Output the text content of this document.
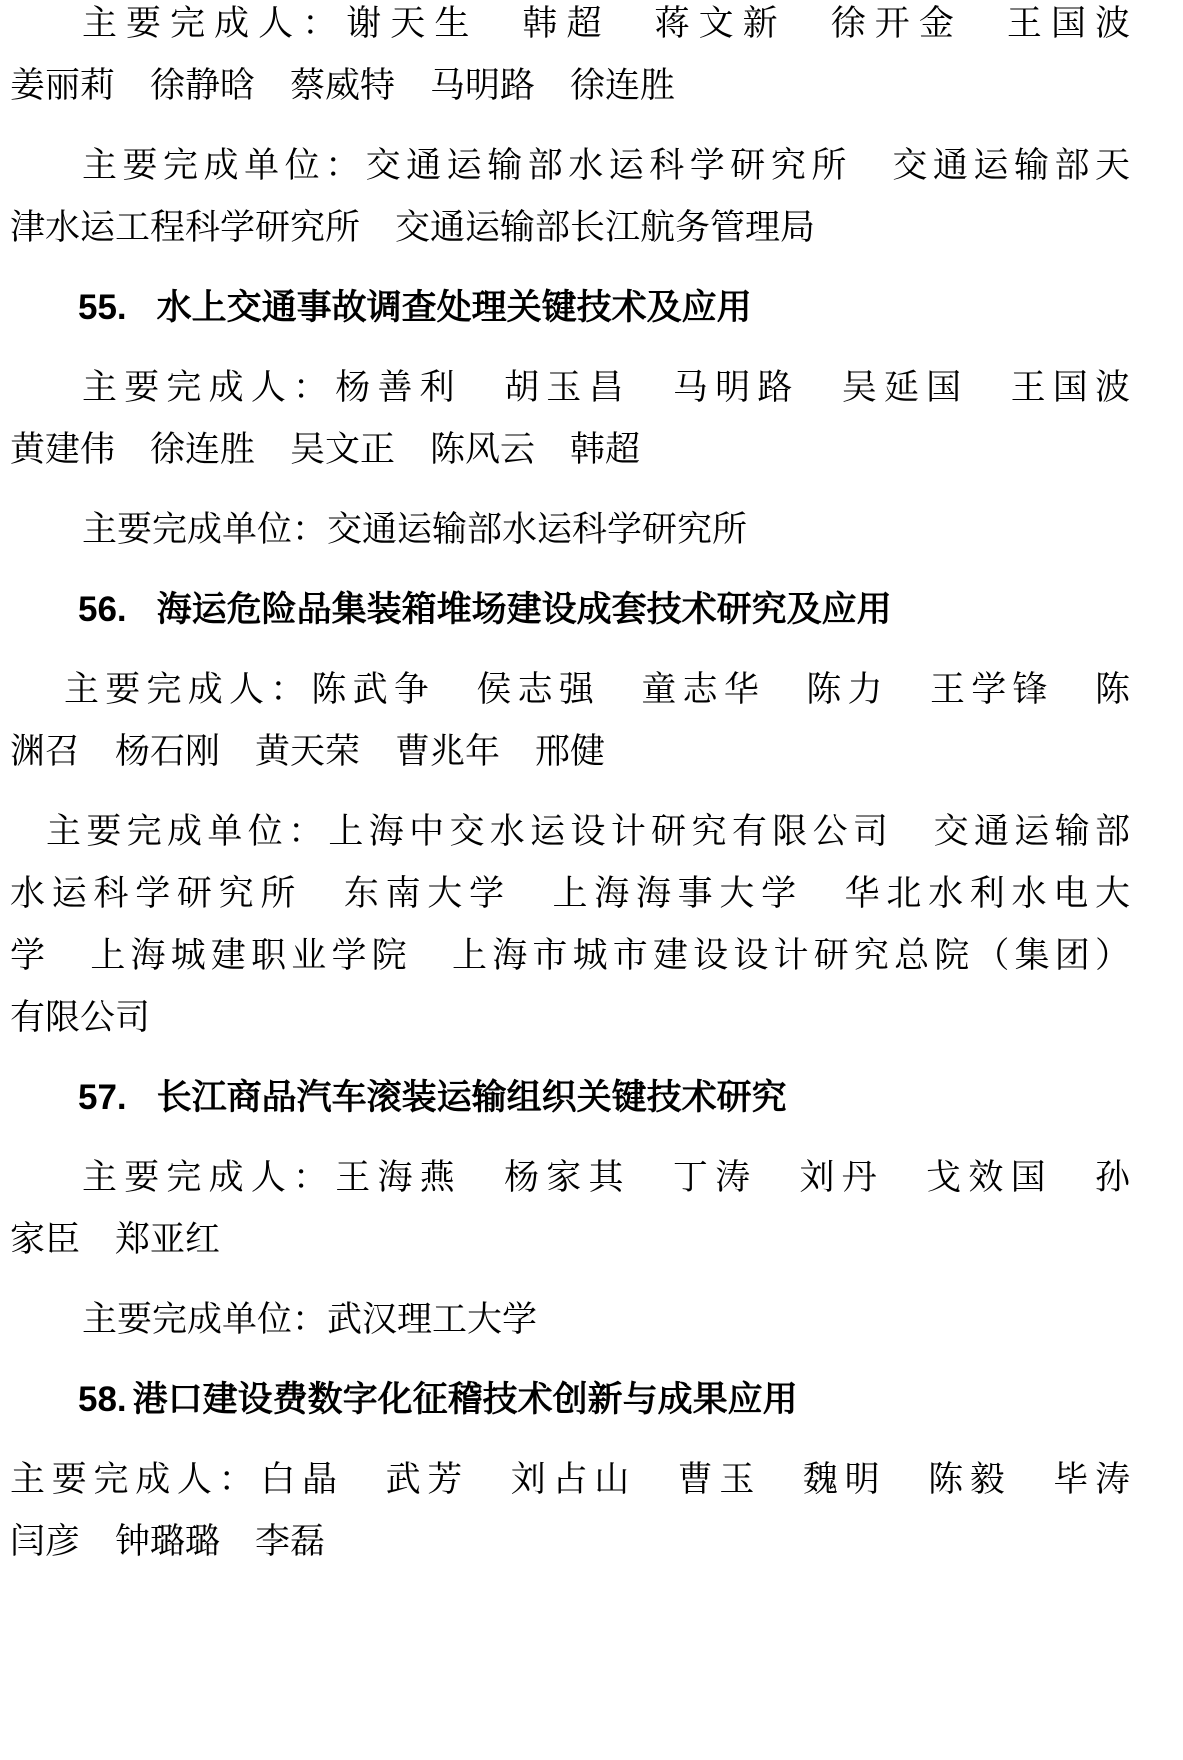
主要完成人：谢天生　韩超　蒋文新　徐开金　王国波
姜丽莉　徐静晗　蔡威特　马明路　徐连胜
主要完成单位：交通运输部水运科学研究所　交通运输部天
津水运工程科学研究所　交通运输部长江航务管理局
55. 水上交通事故调查处理关键技术及应用
主要完成人：杨善利　胡玉昌　马明路　吴延国　王国波
黄建伟　徐连胜　吴文正　陈风云　韩超
主要完成单位：交通运输部水运科学研究所
56. 海运危险品集装箱堆场建设成套技术研究及应用
主要完成人：陈武争　侯志强　童志华　陈力　王学锋　陈
渊召　杨石刚　黄天荣　曹兆年　邢健
主要完成单位：上海中交水运设计研究有限公司　交通运输部
水运科学研究所　东南大学　上海海事大学　华北水利水电大
学　上海城建职业学院　上海市城市建设设计研究总院（集团）
有限公司
57. 长江商品汽车滚装运输组织关键技术研究
主要完成人：王海燕　杨家其　丁涛　刘丹　戈效国　孙
家臣　郑亚红
主要完成单位：武汉理工大学
58. 港口建设费数字化征稽技术创新与成果应用
主要完成人：白晶　武芳　刘占山　曹玉　魏明　陈毅　毕涛
闫彦　钟璐璐　李磊
